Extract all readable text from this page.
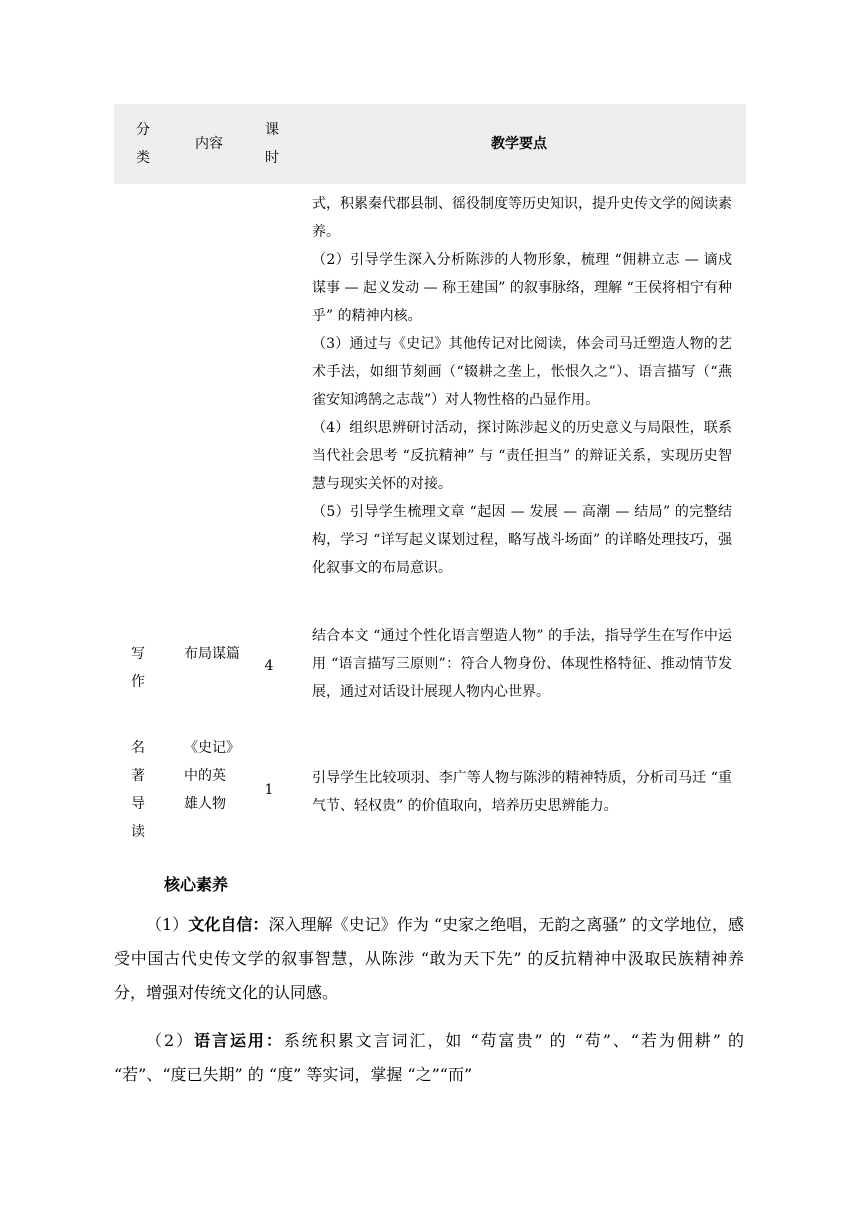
分类
内容
课时
教学要点

式，积累秦代郡县制、徭役制度等历史知识，提升史传文学的阅读素养。

（2）引导学生深入分析陈涉的人物形象，梳理 “佣耕立志 — 谪戍谋事 — 起义发动 — 称王建国” 的叙事脉络，理解 “王侯将相宁有种乎” 的精神内核。

（3）通过与《史记》其他传记对比阅读，体会司马迁塑造人物的艺术手法，如细节刻画（“辍耕之垄上，怅恨久之”）、语言描写（“燕雀安知鸿鹄之志哉”）对人物性格的凸显作用。

（4）组织思辨研讨活动，探讨陈涉起义的历史意义与局限性，联系当代社会思考 “反抗精神” 与 “责任担当” 的辩证关系，实现历史智慧与现实关怀的对接。

（5）引导学生梳理文章 “起因 — 发展 — 高潮 — 结局” 的完整结构，学习 “详写起义谋划过程，略写战斗场面” 的详略处理技巧，强化叙事文的布局意识。

写
作
布局谋篇
4
结合本文 “通过个性化语言塑造人物” 的手法，指导学生在写作中运用 “语言描写三原则”：符合人物身份、体现性格特征、推动情节发展，通过对话设计展现人物内心世界。
名
著
导
读
《史记》中的英雄人物
1
引导学生比较项羽、李广等人物与陈涉的精神特质，分析司马迁 “重气节、轻权贵” 的价值取向，培养历史思辨能力。
核心素养
（1）文化自信：深入理解《史记》作为 “史家之绝唱，无韵之离骚” 的文学地位，感受中国古代史传文学的叙事智慧，从陈涉 “敢为天下先” 的反抗精神中汲取民族精神养分，增强对传统文化的认同感。
（2）语言运用：系统积累文言词汇，如 “苟富贵” 的 “苟”、“若为佣耕” 的 “若”、“度已失期” 的 “度” 等实词，掌握 “之”“而”
